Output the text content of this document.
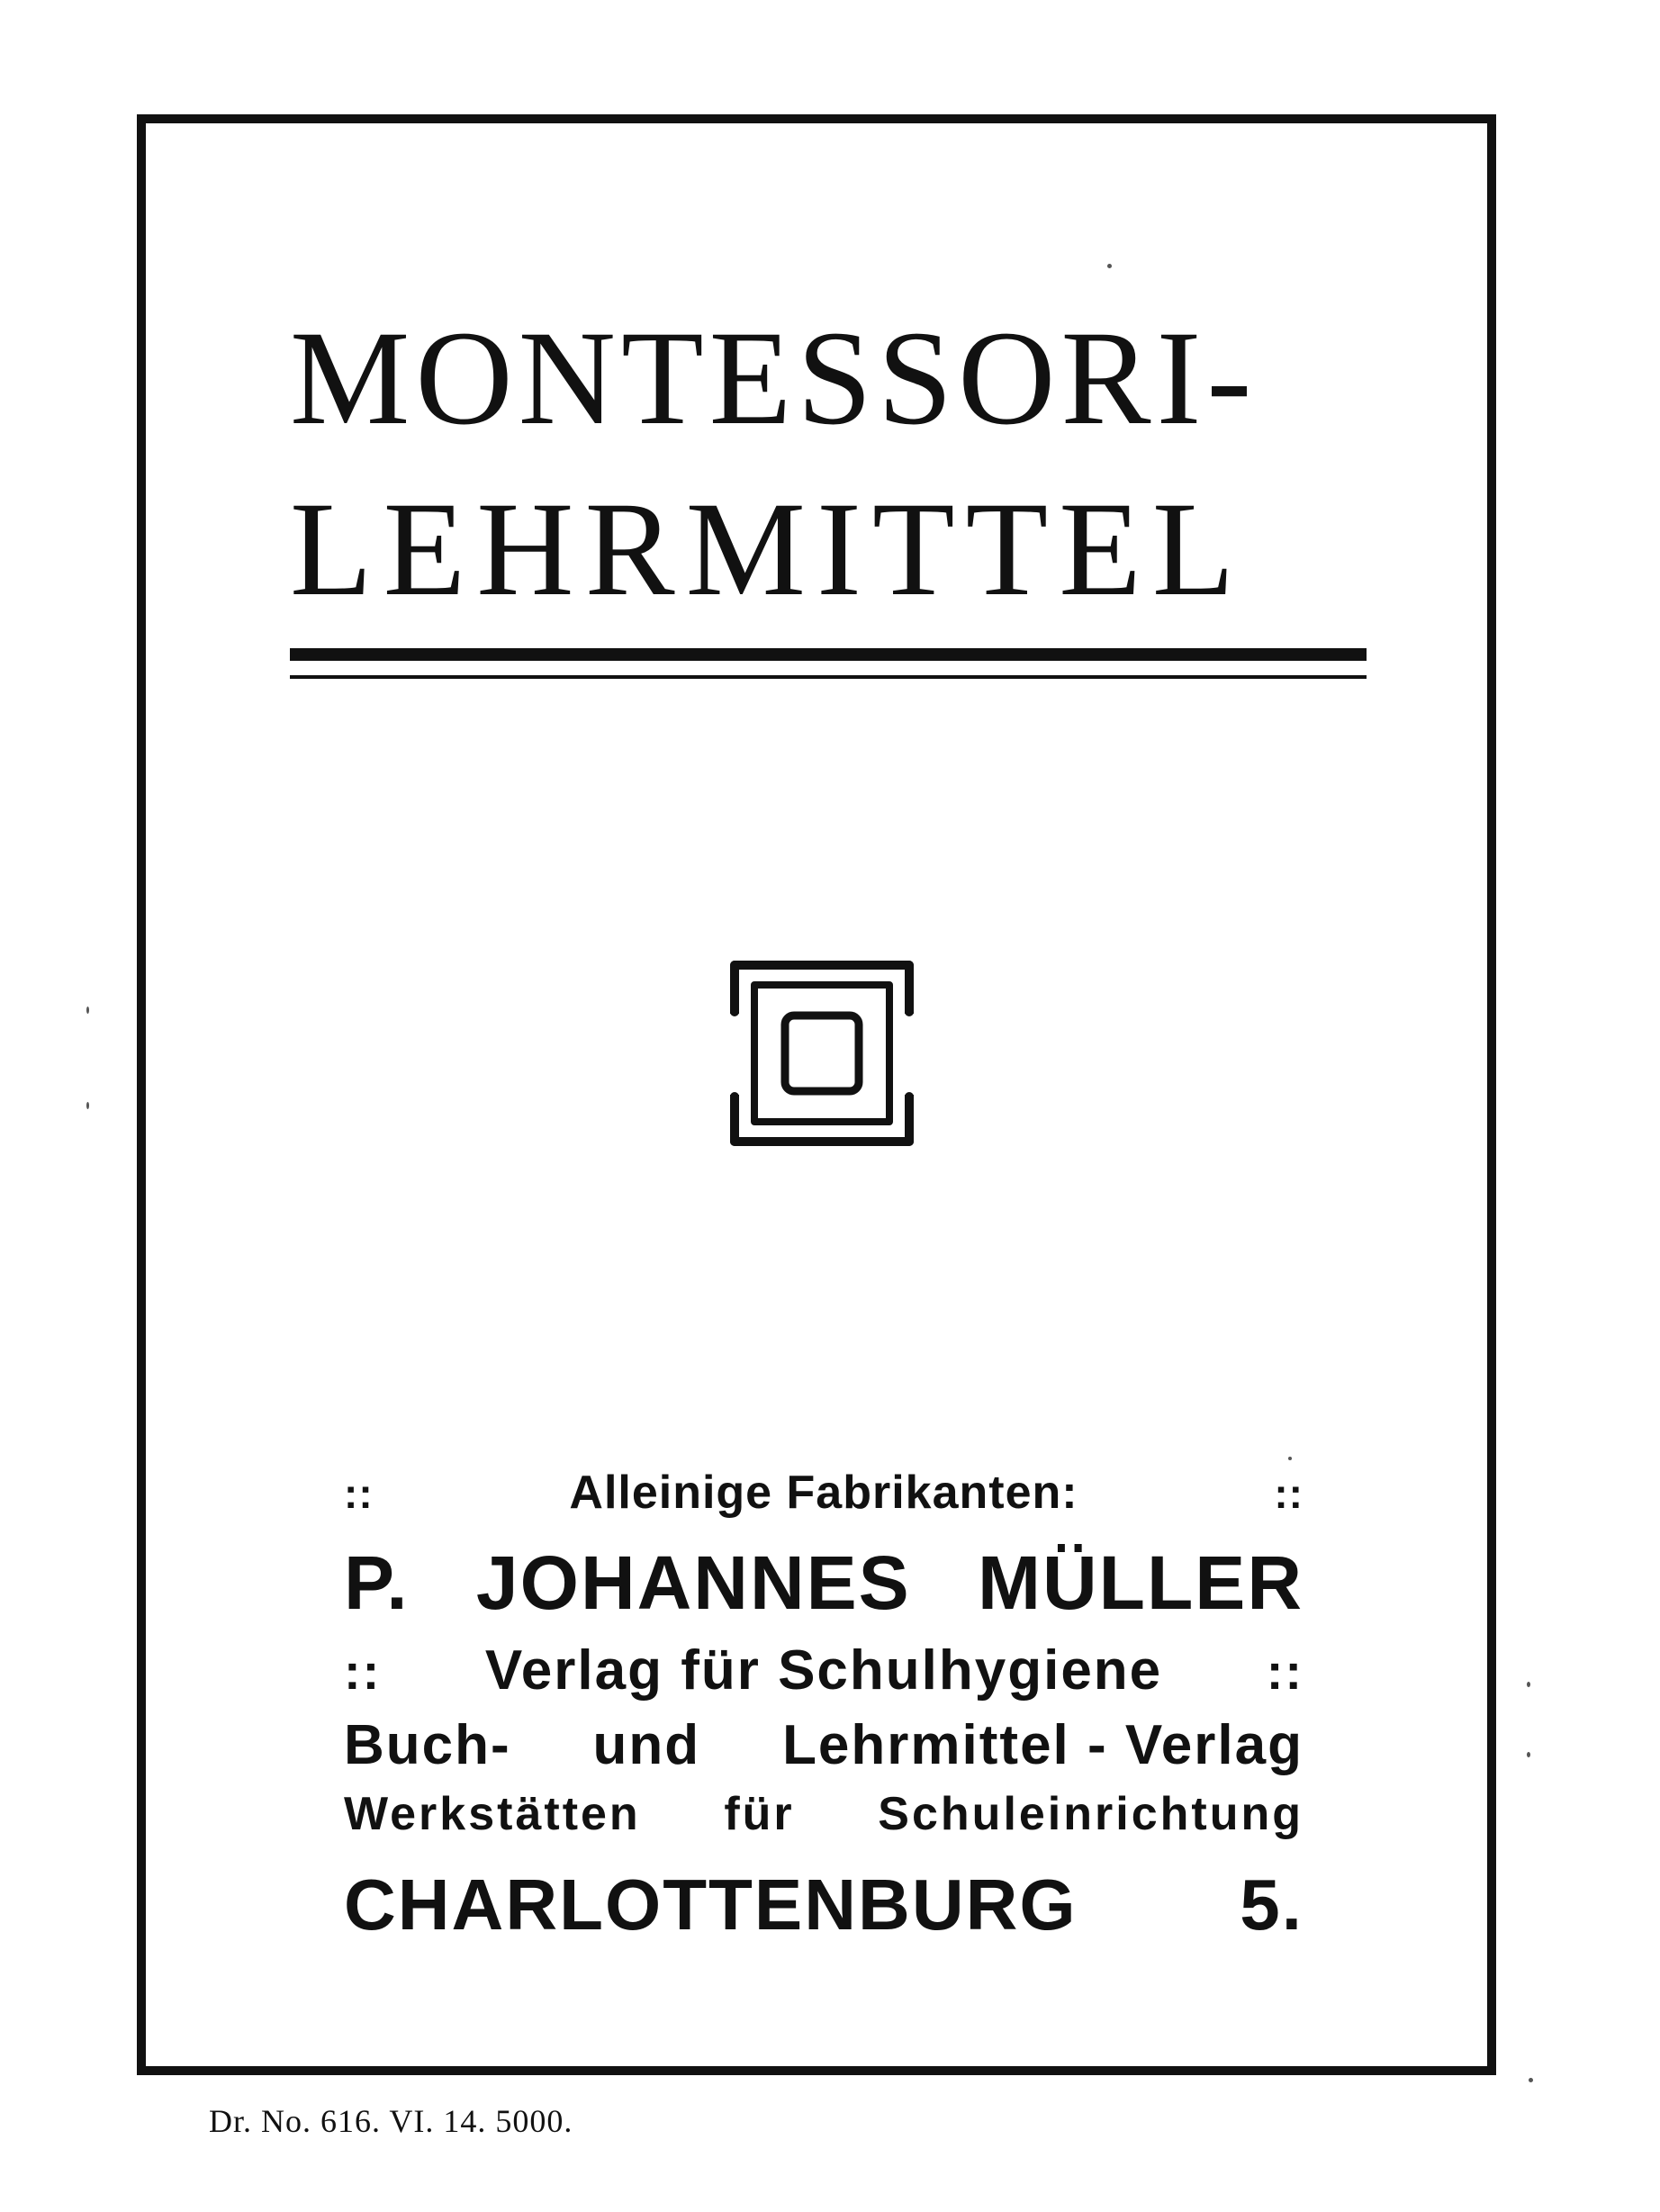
MONTESSORI-
LEHRMITTEL
::	Alleinige Fabrikanten:	::
P. JOHANNES MÜLLER
:: Verlag für Schulhygiene ::
Buch- und Lehrmittel - Verlag
Werkstätten für Schuleinrichtung
CHARLOTTENBURG 5.
Dr. No. 616. VI. 14. 5000.
